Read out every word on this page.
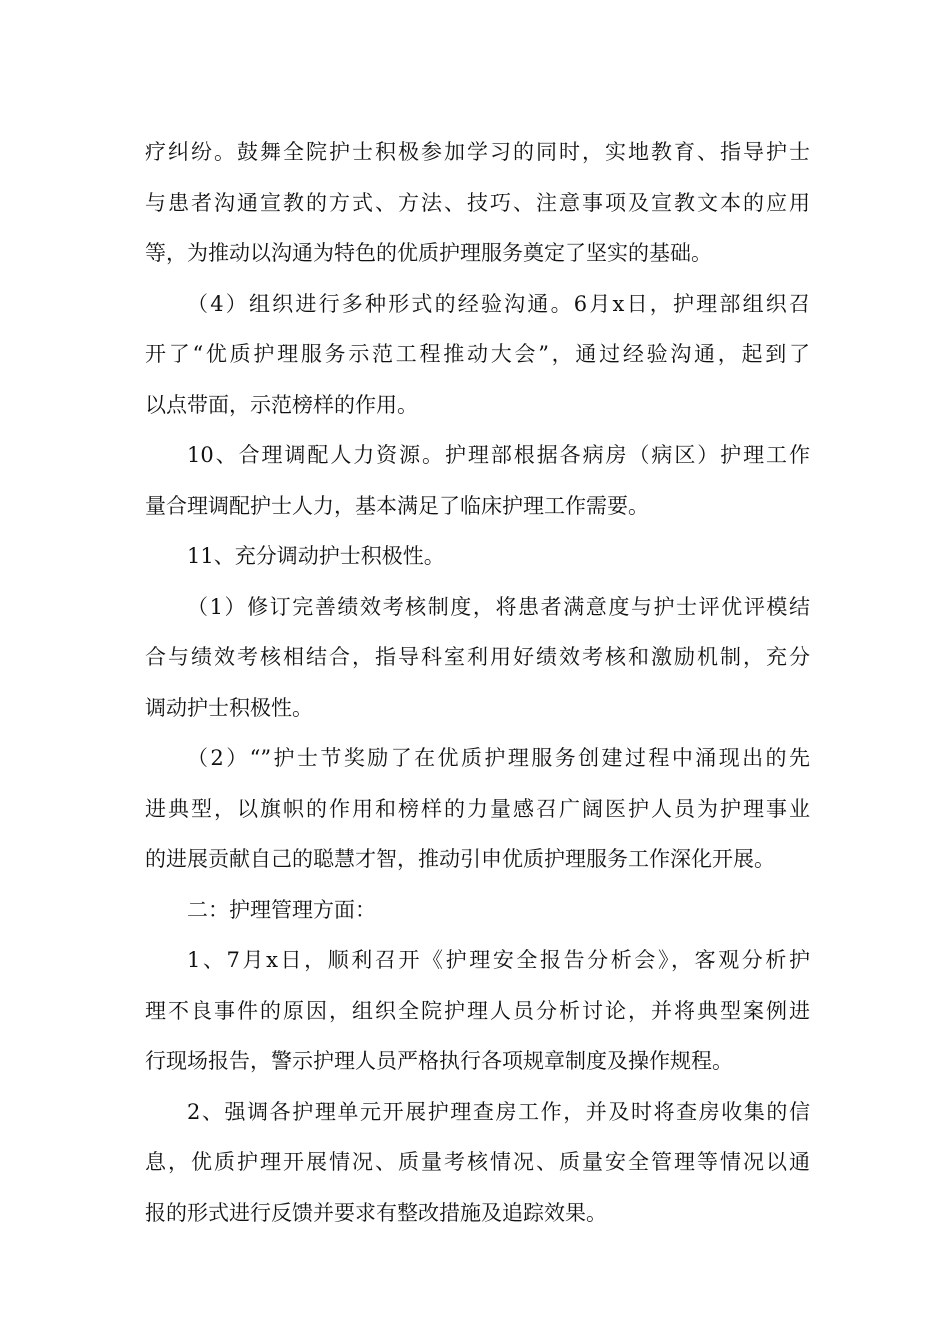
疗纠纷。鼓舞全院护士积极参加学习的同时，实地教育、指导护士
与患者沟通宣教的方式、方法、技巧、注意事项及宣教文本的应用
等，为推动以沟通为特色的优质护理服务奠定了坚实的基础。
（4）组织进行多种形式的经验沟通。6月x日，护理部组织召
开了“优质护理服务示范工程推动大会”，通过经验沟通，起到了
以点带面，示范榜样的作用。
10、合理调配人力资源。护理部根据各病房（病区）护理工作
量合理调配护士人力，基本满足了临床护理工作需要。
11、充分调动护士积极性。
（1）修订完善绩效考核制度，将患者满意度与护士评优评模结
合与绩效考核相结合，指导科室利用好绩效考核和激励机制，充分
调动护士积极性。
（2）“”护士节奖励了在优质护理服务创建过程中涌现出的先
进典型，以旗帜的作用和榜样的力量感召广阔医护人员为护理事业
的进展贡献自己的聪慧才智，推动引申优质护理服务工作深化开展。
二：护理管理方面：
1、7月x日，顺利召开《护理安全报告分析会》，客观分析护
理不良事件的原因，组织全院护理人员分析讨论，并将典型案例进
行现场报告，警示护理人员严格执行各项规章制度及操作规程。
2、强调各护理单元开展护理查房工作，并及时将查房收集的信
息，优质护理开展情况、质量考核情况、质量安全管理等情况以通
报的形式进行反馈并要求有整改措施及追踪效果。
